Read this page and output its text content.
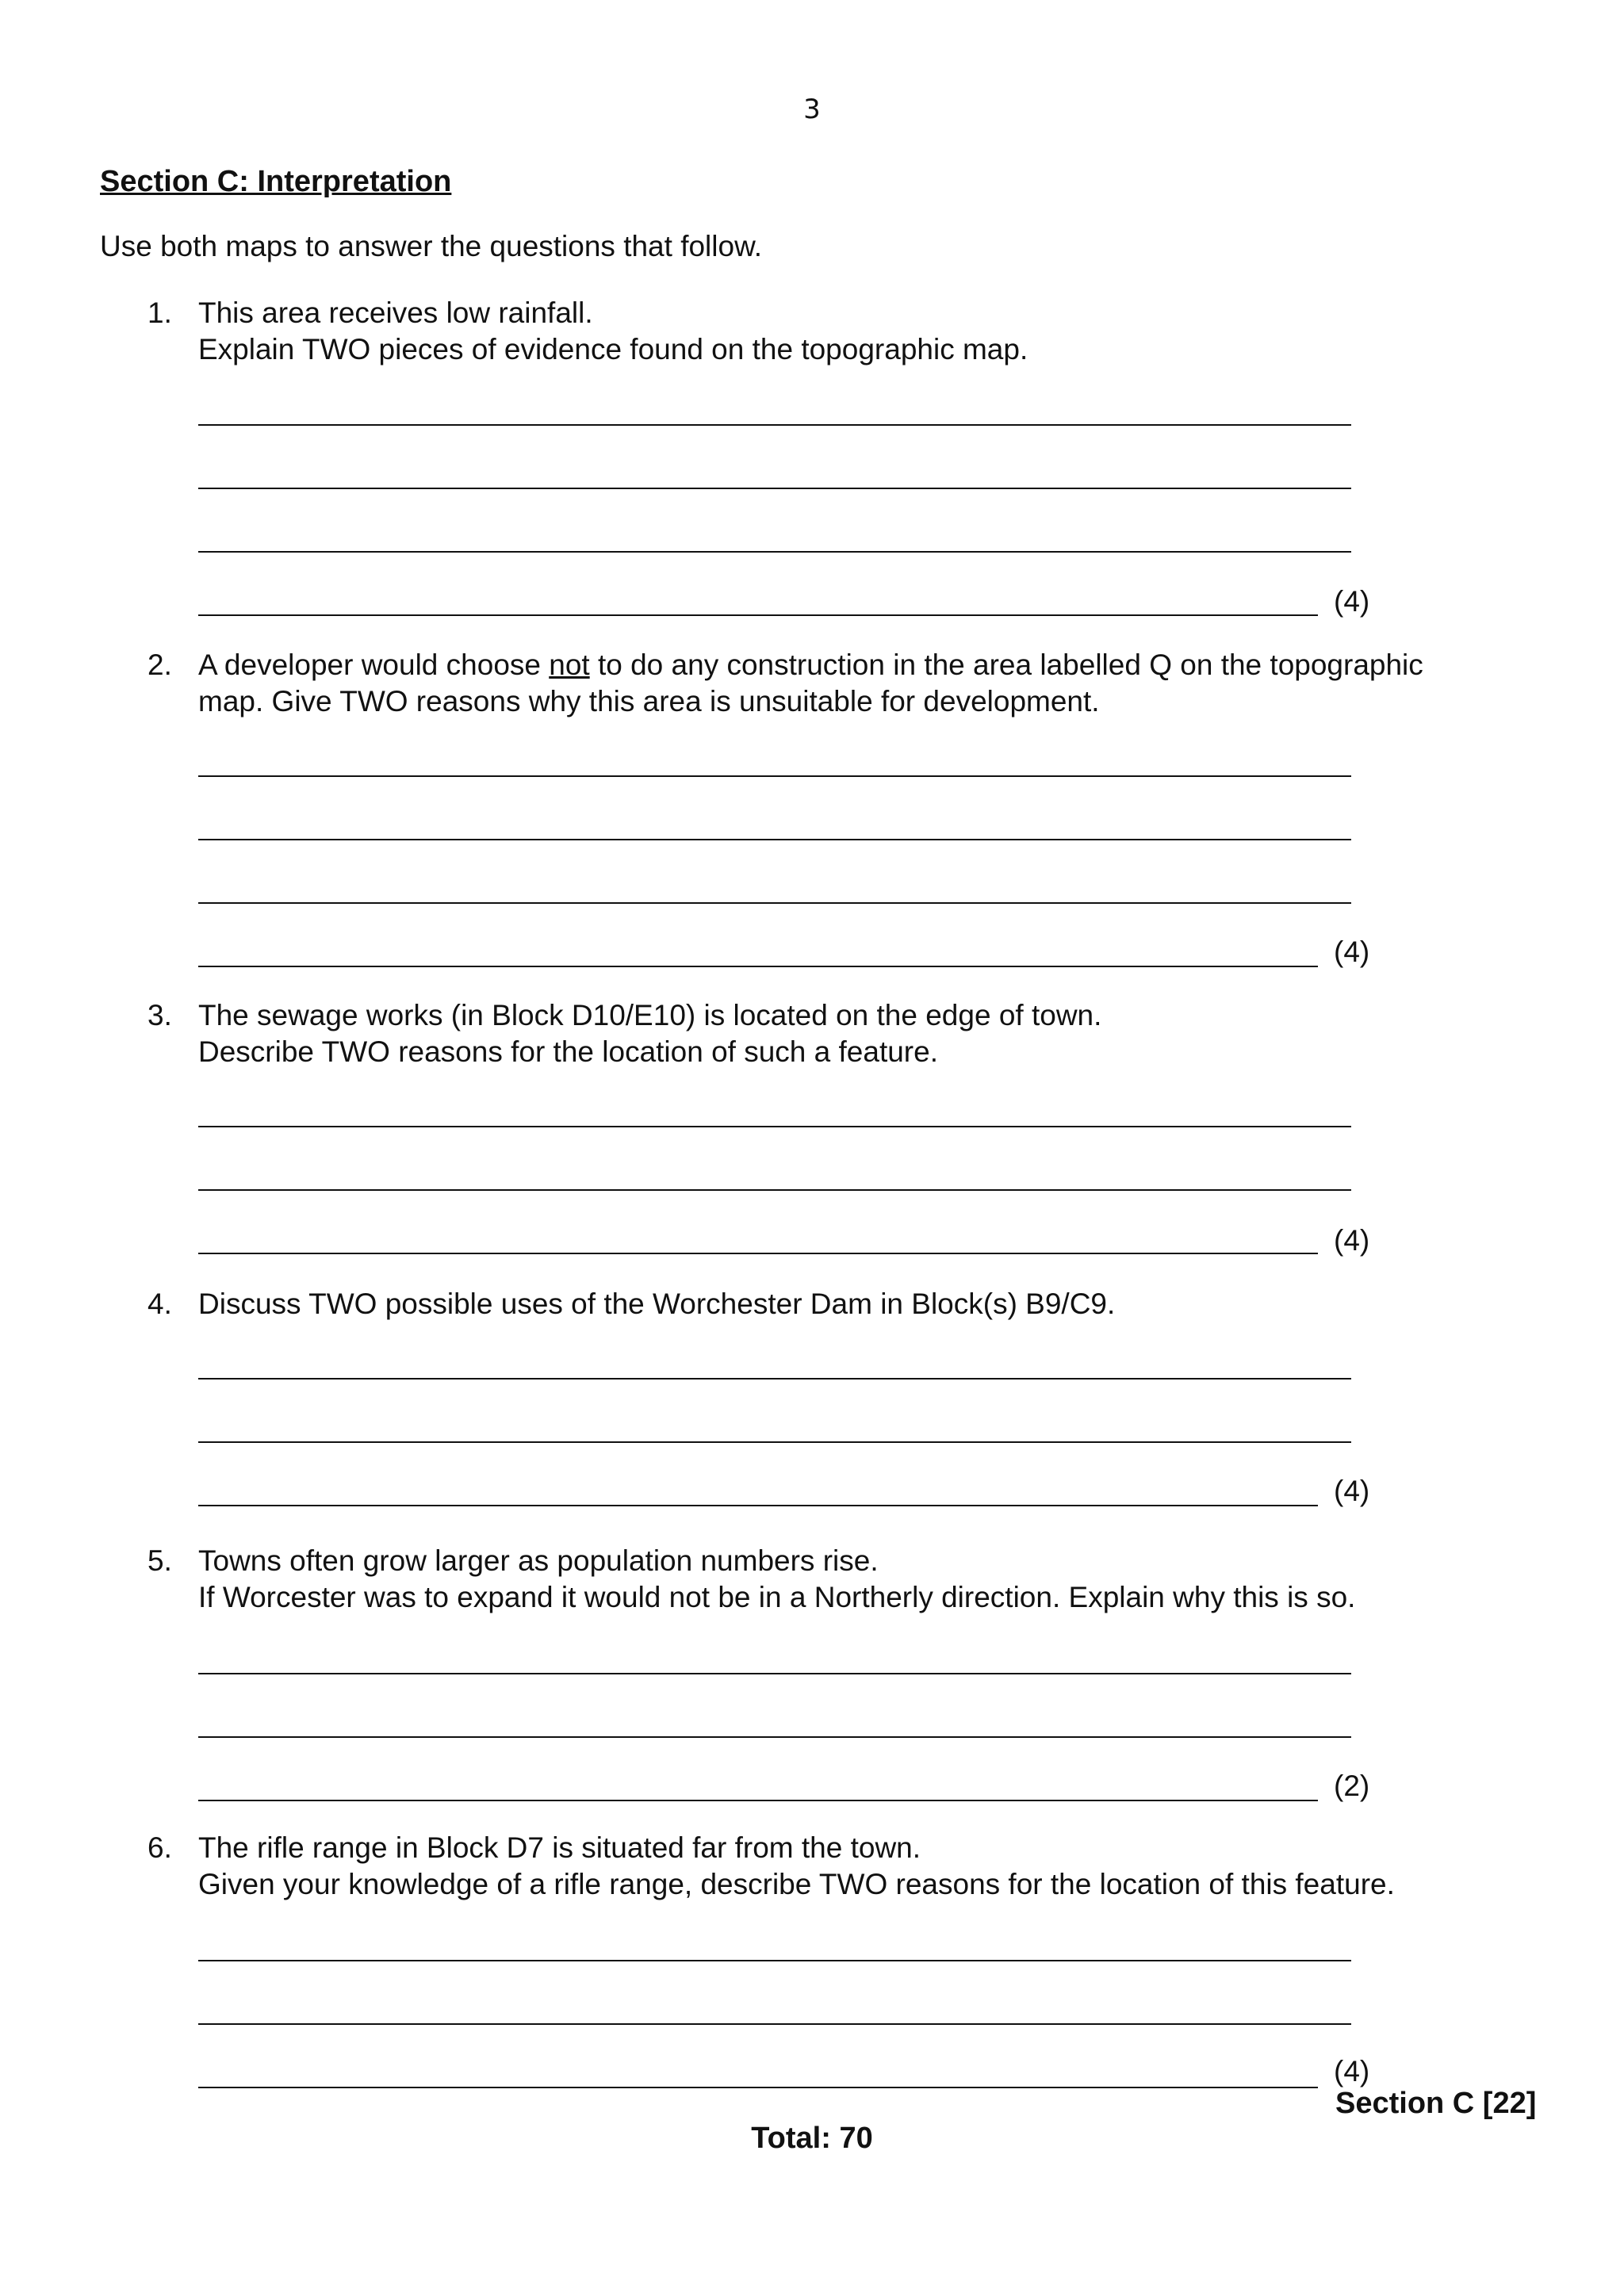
3
Section C: Interpretation
Use both maps to answer the questions that follow.
1. This area receives low rainfall.
Explain TWO pieces of evidence found on the topographic map.
(4)
2. A developer would choose not to do any construction in the area labelled Q on the topographic
map. Give TWO reasons why this area is unsuitable for development.
(4)
3. The sewage works (in Block D10/E10) is located on the edge of town.
Describe TWO reasons for the location of such a feature.
(4)
4. Discuss TWO possible uses of the Worchester Dam in Block(s) B9/C9.
(4)
5. Towns often grow larger as population numbers rise.
If Worcester was to expand it would not be in a Northerly direction. Explain why this is so.
(2)
6. The rifle range in Block D7 is situated far from the town.
Given your knowledge of a rifle range, describe TWO reasons for the location of this feature.
(4)
Section C [22]
Total: 70
